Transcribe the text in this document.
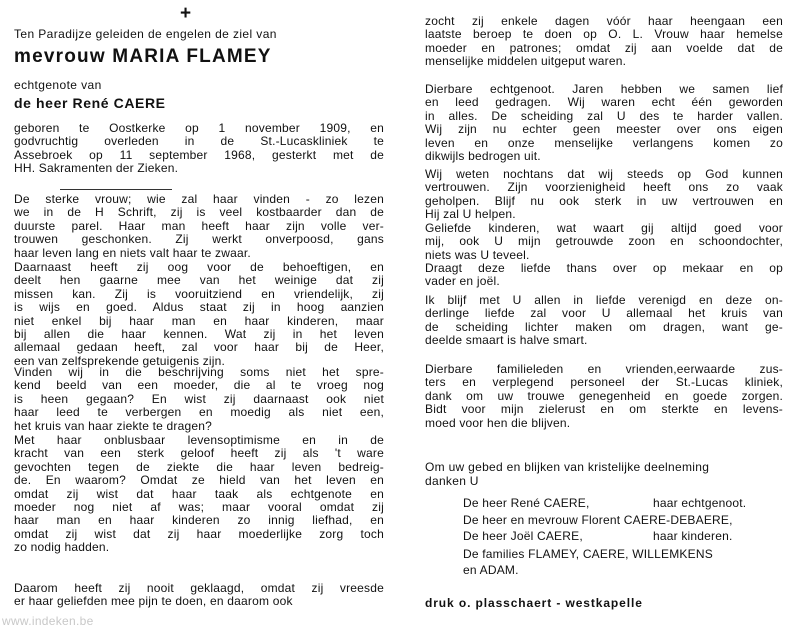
+
Ten Paradijze geleiden de engelen de ziel van
mevrouw MARIA FLAMEY
echtgenote van
de heer René CAERE
geboren te Oostkerke op 1 november 1909, en
godvruchtig overleden in de St.-Lucaskliniek te
Assebroek op 11 september 1968, gesterkt met de
HH. Sakramenten der Zieken.
De sterke vrouw; wie zal haar vinden - zo lezen
we in de H Schrift, zij is veel kostbaarder dan de
duurste parel. Haar man heeft haar zijn volle ver-
trouwen geschonken. Zij werkt onverpoosd, gans
haar leven lang en niets valt haar te zwaar.
Daarnaast heeft zij oog voor de behoeftigen, en
deelt hen gaarne mee van het weinige dat zij
missen kan. Zij is vooruitziend en vriendelijk, zij
is wijs en goed. Aldus staat zij in hoog aanzien
niet enkel bij haar man en haar kinderen, maar
bij allen die haar kennen. Wat zij in het leven
allemaal gedaan heeft, zal voor haar bij de Heer,
een van zelfsprekende getuigenis zijn.
Vinden wij in die beschrijving soms niet het spre-
kend beeld van een moeder, die al te vroeg nog
is heen gegaan? En wist zij daarnaast ook niet
haar leed te verbergen en moedig als niet een,
het kruis van haar ziekte te dragen?
Met haar onblusbaar levensoptimisme en in de
kracht van een sterk geloof heeft zij als 't ware
gevochten tegen de ziekte die haar leven bedreig-
de. En waarom? Omdat ze hield van het leven en
omdat zij wist dat haar taak als echtgenote en
moeder nog niet af was; maar vooral omdat zij
haar man en haar kinderen zo innig liefhad, en
omdat zij wist dat zij haar moederlijke zorg toch
zo nodig hadden.
Daarom heeft zij nooit geklaagd, omdat zij vreesde
er haar geliefden mee pijn te doen, en daarom ook
zocht zij enkele dagen vóór haar heengaan een
laatste beroep te doen op O. L. Vrouw haar hemelse
moeder en patrones; omdat zij aan voelde dat de
menselijke middelen uitgeput waren.
Dierbare echtgenoot. Jaren hebben we samen lief
en leed gedragen. Wij waren echt één geworden
in alles. De scheiding zal U des te harder vallen.
Wij zijn nu echter geen meester over ons eigen
leven en onze menselijke verlangens komen zo
dikwijls bedrogen uit.
Wij weten nochtans dat wij steeds op God kunnen
vertrouwen. Zijn voorzienigheid heeft ons zo vaak
geholpen. Blijf nu ook sterk in uw vertrouwen en
Hij zal U helpen.
Geliefde kinderen, wat waart gij altijd goed voor
mij, ook U mijn getrouwde zoon en schoondochter,
niets was U teveel.
Draagt deze liefde thans over op mekaar en op
vader en joël.
Ik blijf met U allen in liefde verenigd en deze on-
derlinge liefde zal voor U allemaal het kruis van
de scheiding lichter maken om dragen, want ge-
deelde smaart is halve smart.
Dierbare familieleden en vrienden,eerwaarde zus-
ters en verplegend personeel der St.-Lucas kliniek,
dank om uw trouwe genegenheid en goede zorgen.
Bidt voor mijn zielerust en om sterkte en levens-
moed voor hen die blijven.
Om uw gebed en blijken van kristelijke deelneming
danken U
De heer René CAERE,	haar echtgenoot.
De heer en mevrouw Florent CAERE-DEBAERE,
De heer Joël CAERE,	haar kinderen.
De families FLAMEY, CAERE, WILLEMKENS
en ADAM.
druk o. plasschaert - westkapelle
www.indeken.be
